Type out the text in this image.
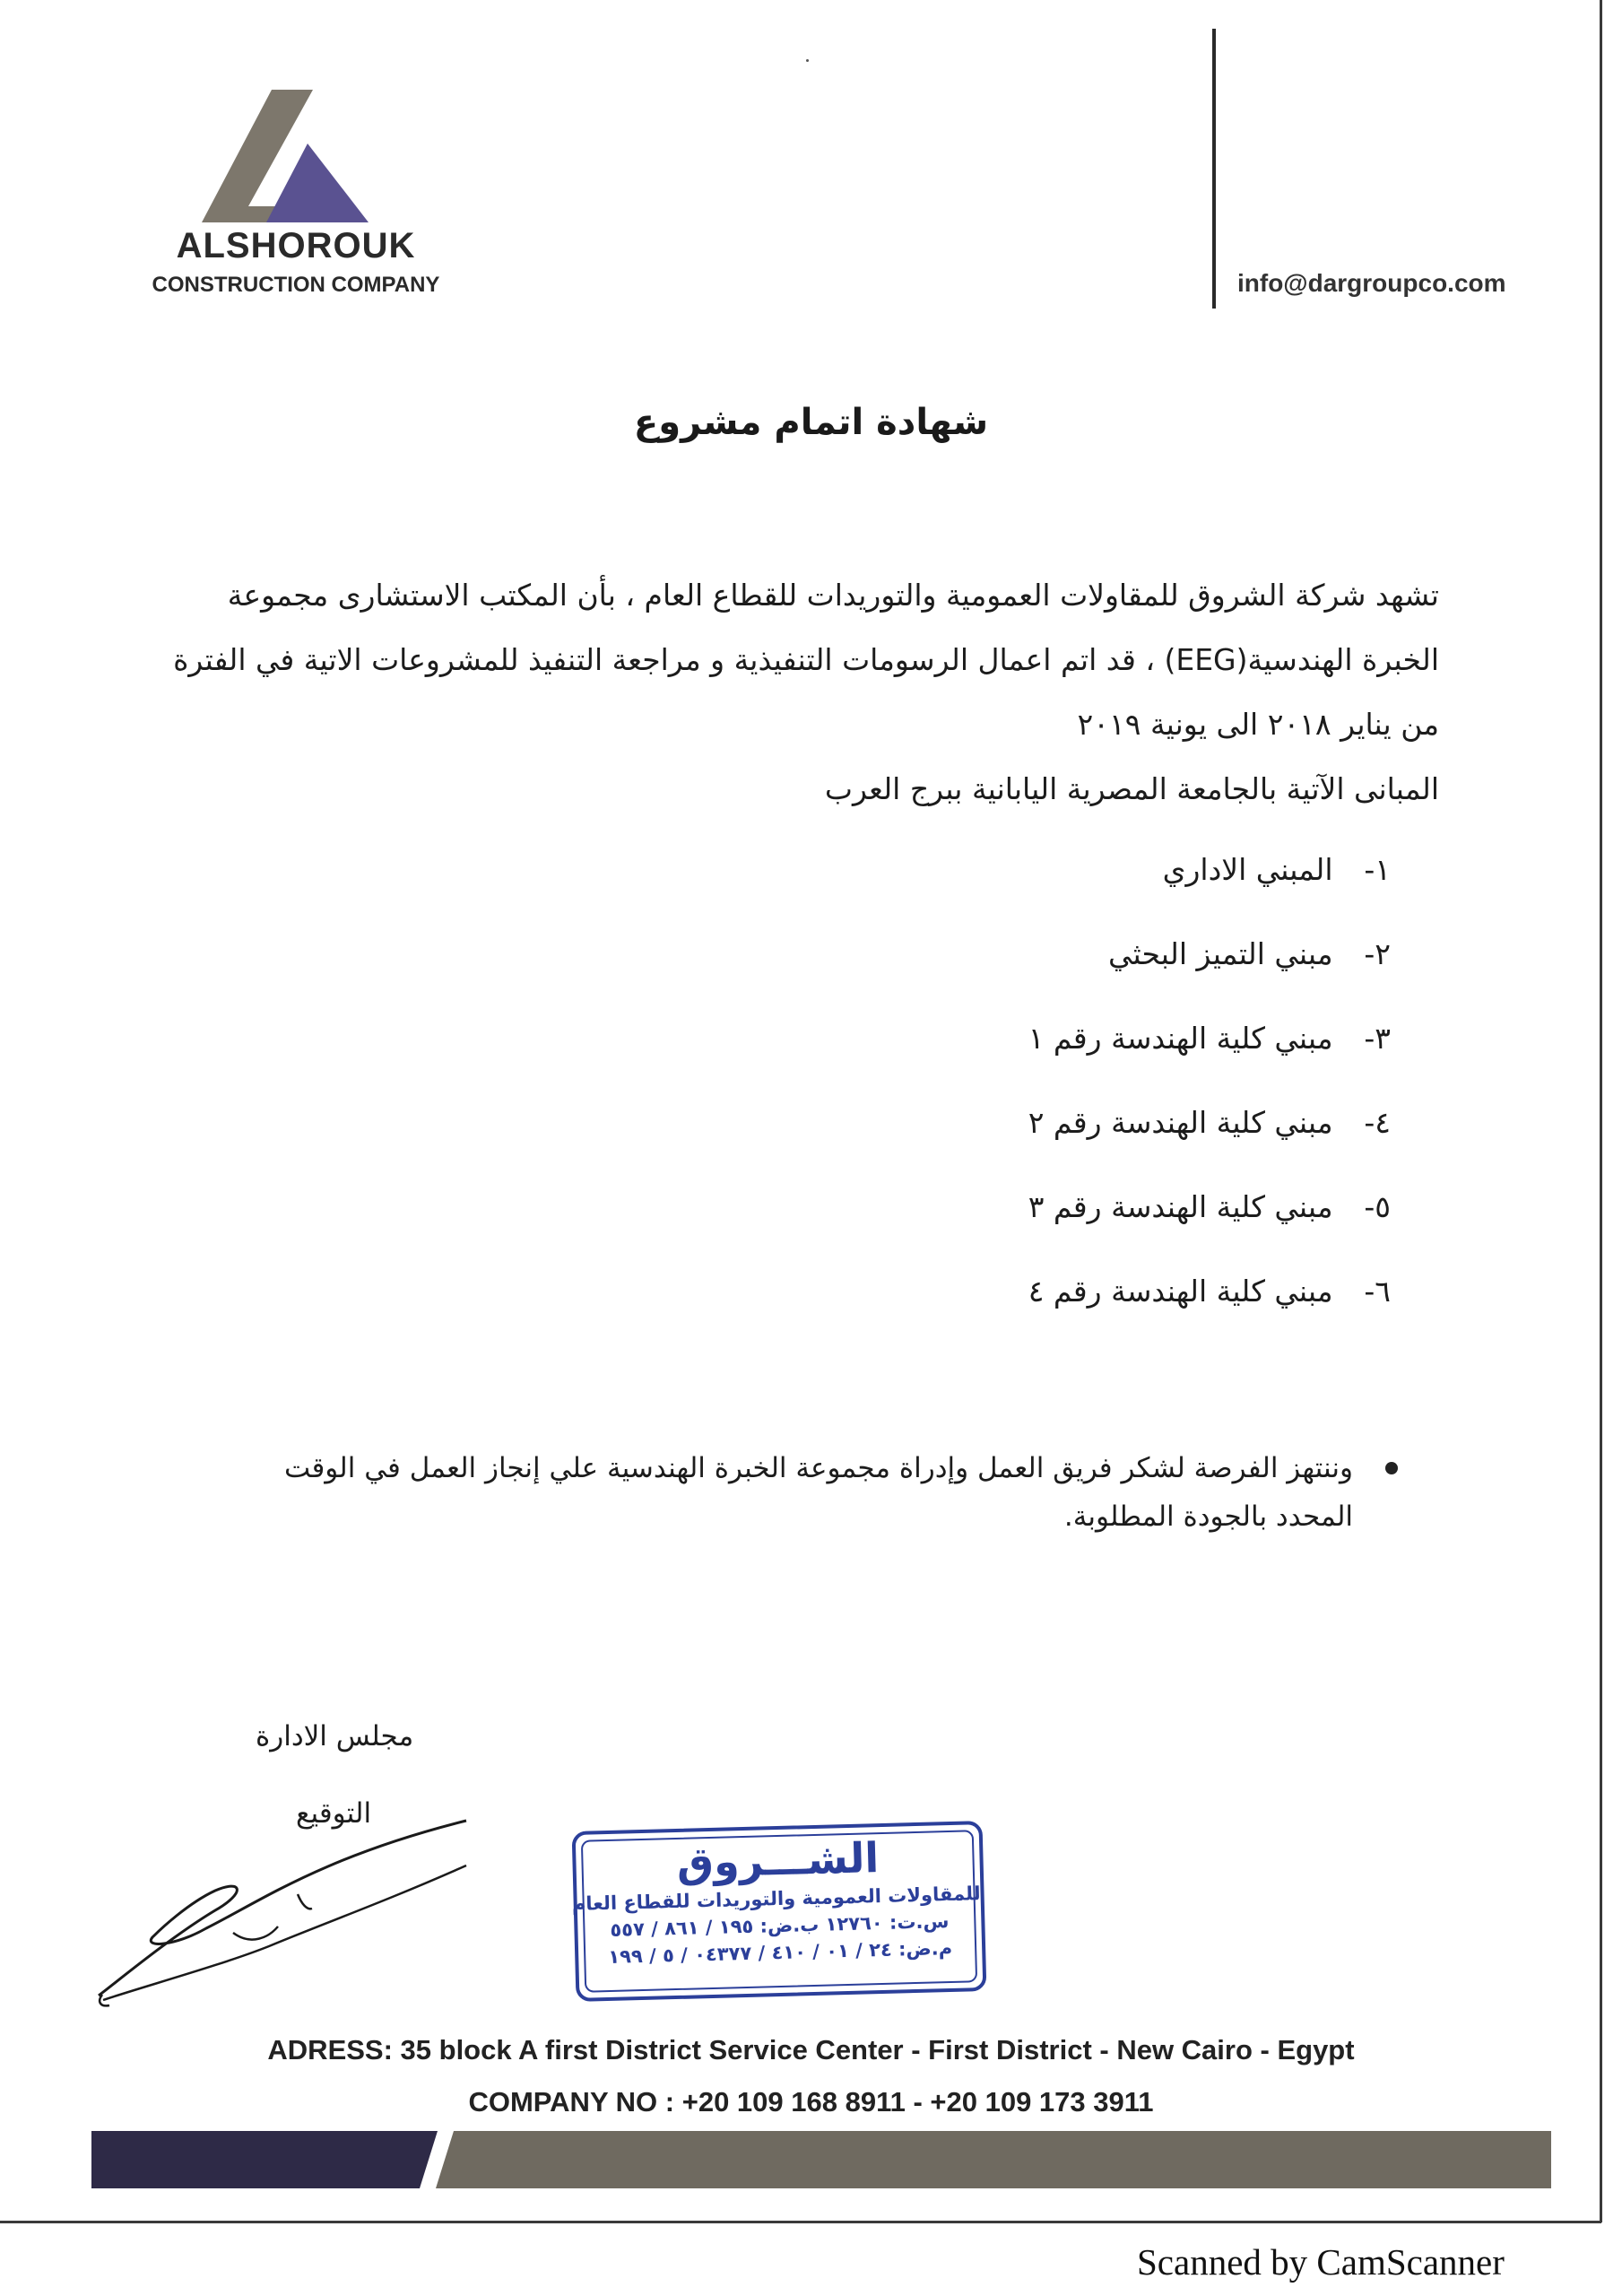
ALSHOROUK
CONSTRUCTION COMPANY	info@dargroupco.com
شهادة اتمام مشروع
تشهد شركة الشروق للمقاولات العمومية والتوريدات للقطاع العام ، بأن المكتب الاستشارى مجموعة
الخبرة الهندسية(EEG) ، قد اتم اعمال الرسومات التنفيذية و مراجعة التنفيذ للمشروعات الاتية في الفترة
من يناير ٢٠١٨ الى يونية ٢٠١٩
المبانى الآتية بالجامعة المصرية اليابانية ببرج العرب
١- المبني الاداري
٢- مبني التميز البحثي
٣- مبني كلية الهندسة رقم ١
٤- مبني كلية الهندسة رقم ٢
٥- مبني كلية الهندسة رقم ٣
٦- مبني كلية الهندسة رقم ٤
وننتهز الفرصة لشكر فريق العمل وإدراة مجموعة الخبرة الهندسية علي إنجاز العمل في الوقت
المحدد بالجودة المطلوبة.
مجلس الادارة
التوقيع
الشـــروق
للمقاولات العمومية والتوريدات للقطاع العام
س.ت: ١٢٧٦٠ ب.ض: ١٩٥ / ٨٦١ / ٥٥٧
م.ض: ٢٤ / ٠١ / ٤١٠ / ٠٤٣٧٧ / ٥ / ١٩٩
ADRESS: 35 block A first District Service Center - First District - New Cairo - Egypt
COMPANY NO : +20 109 168 8911 - +20 109 173 3911
Scanned by CamScanner
